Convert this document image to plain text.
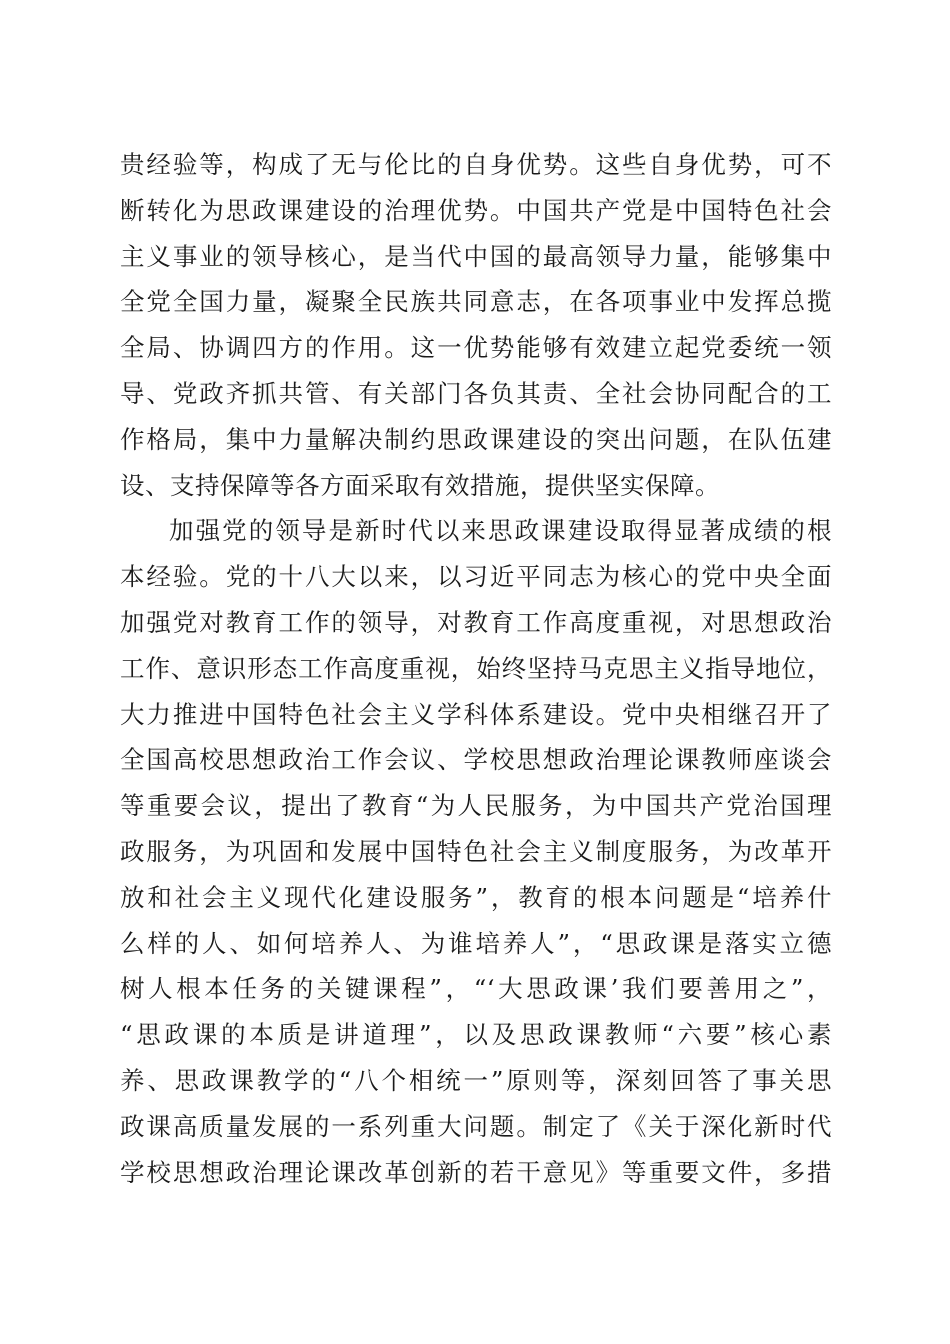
贵经验等，构成了无与伦比的自身优势。这些自身优势，可不
断转化为思政课建设的治理优势。中国共产党是中国特色社会
主义事业的领导核心，是当代中国的最高领导力量，能够集中
全党全国力量，凝聚全民族共同意志，在各项事业中发挥总揽
全局、协调四方的作用。这一优势能够有效建立起党委统一领
导、党政齐抓共管、有关部门各负其责、全社会协同配合的工
作格局，集中力量解决制约思政课建设的突出问题，在队伍建
设、支持保障等各方面采取有效措施，提供坚实保障。
加强党的领导是新时代以来思政课建设取得显著成绩的根
本经验。党的十八大以来，以习近平同志为核心的党中央全面
加强党对教育工作的领导，对教育工作高度重视，对思想政治
工作、意识形态工作高度重视，始终坚持马克思主义指导地位，
大力推进中国特色社会主义学科体系建设。党中央相继召开了
全国高校思想政治工作会议、学校思想政治理论课教师座谈会
等重要会议，提出了教育“为人民服务，为中国共产党治国理
政服务，为巩固和发展中国特色社会主义制度服务，为改革开
放和社会主义现代化建设服务”，教育的根本问题是“培养什
么样的人、如何培养人、为谁培养人”，“思政课是落实立德
树人根本任务的关键课程”，“‘大思政课’我们要善用之”，
“思政课的本质是讲道理”，以及思政课教师“六要”核心素
养、思政课教学的“八个相统一”原则等，深刻回答了事关思
政课高质量发展的一系列重大问题。制定了《关于深化新时代
学校思想政治理论课改革创新的若干意见》等重要文件，多措
